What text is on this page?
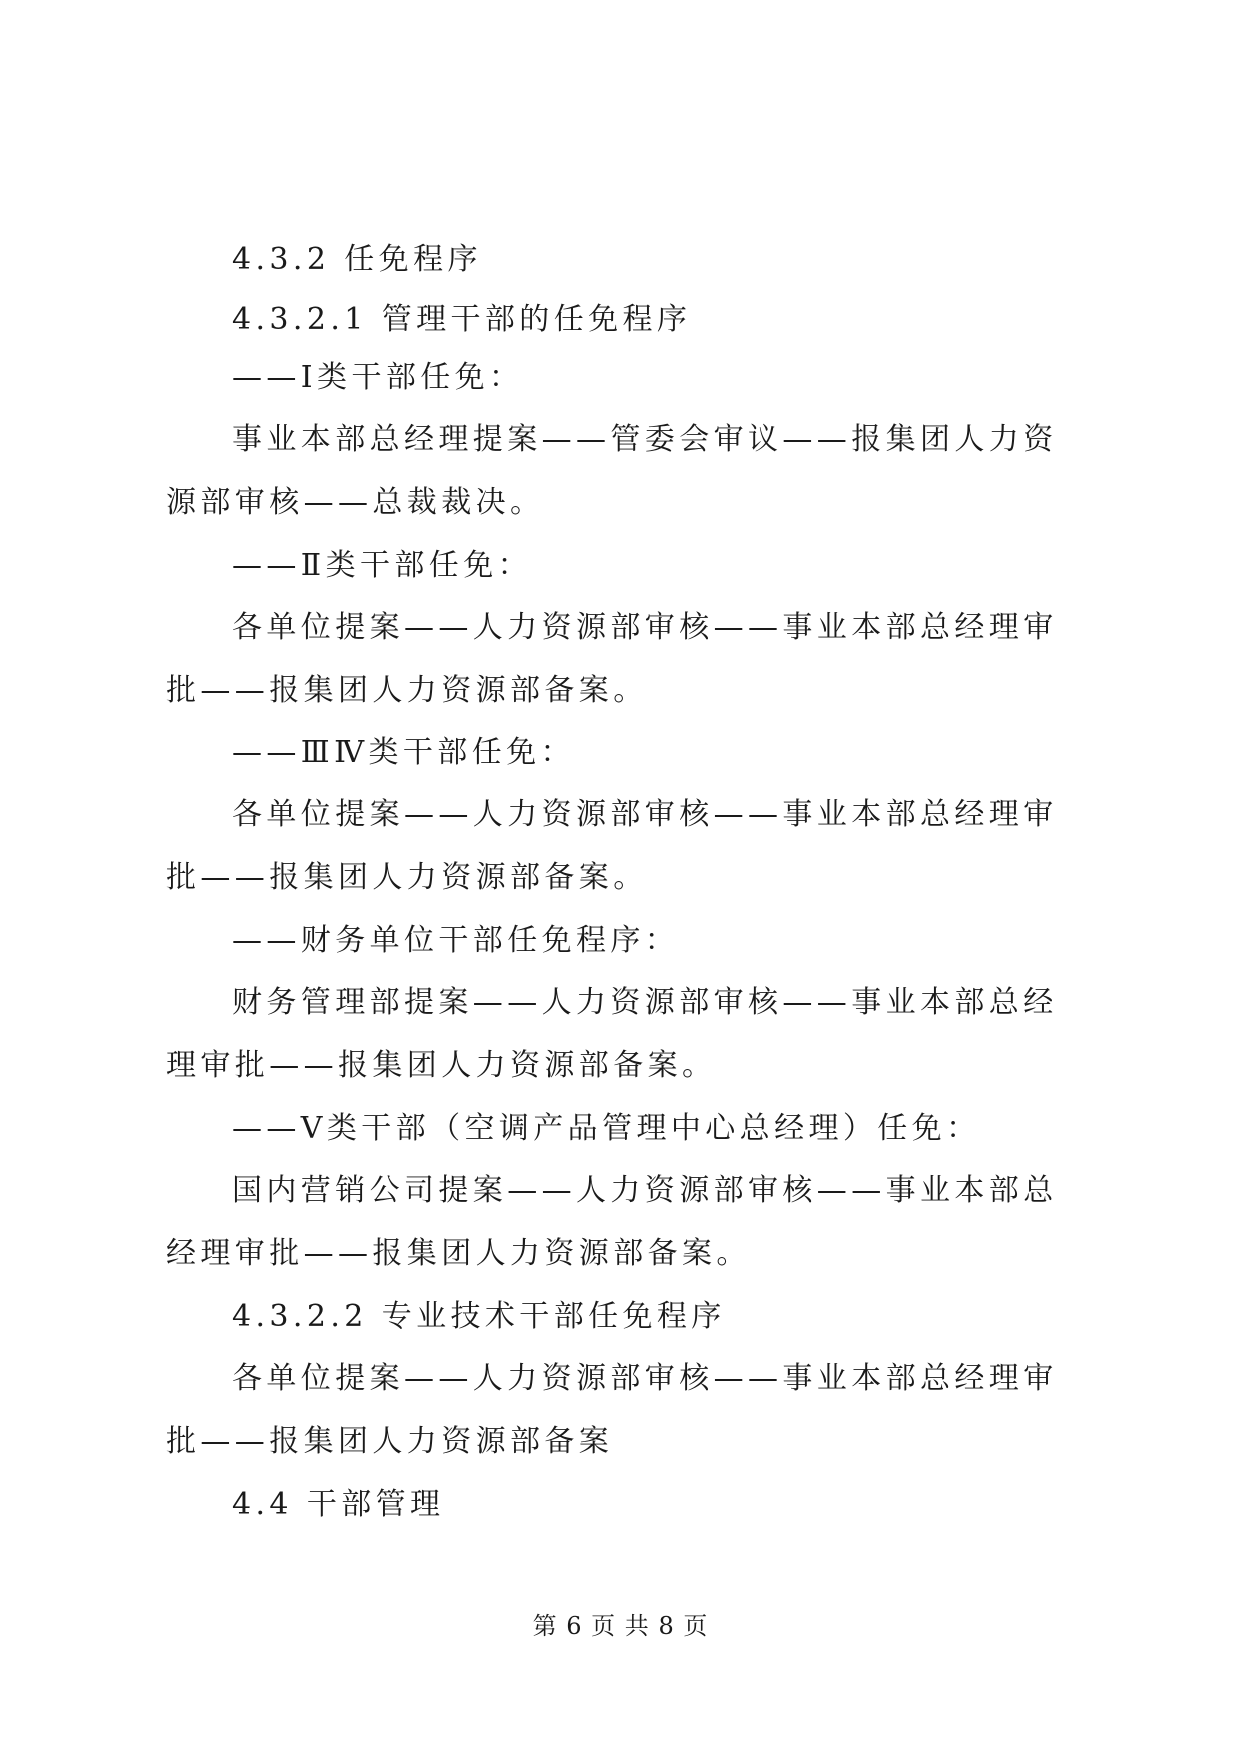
4.3.2 任免程序

4.3.2.1 管理干部的任免程序

——Ⅰ类干部任免：

事业本部总经理提案——管委会审议——报集团人力资源部审核——总裁裁决。

——Ⅱ类干部任免：

各单位提案——人力资源部审核——事业本部总经理审批——报集团人力资源部备案。

——ⅢⅣ类干部任免：

各单位提案——人力资源部审核——事业本部总经理审批——报集团人力资源部备案。

——财务单位干部任免程序：

财务管理部提案——人力资源部审核——事业本部总经理审批——报集团人力资源部备案。

——Ⅴ类干部（空调产品管理中心总经理）任免：

国内营销公司提案——人力资源部审核——事业本部总经理审批——报集团人力资源部备案。

4.3.2.2 专业技术干部任免程序

各单位提案——人力资源部审核——事业本部总经理审批——报集团人力资源部备案

4.4 干部管理

第 6 页 共 8 页
